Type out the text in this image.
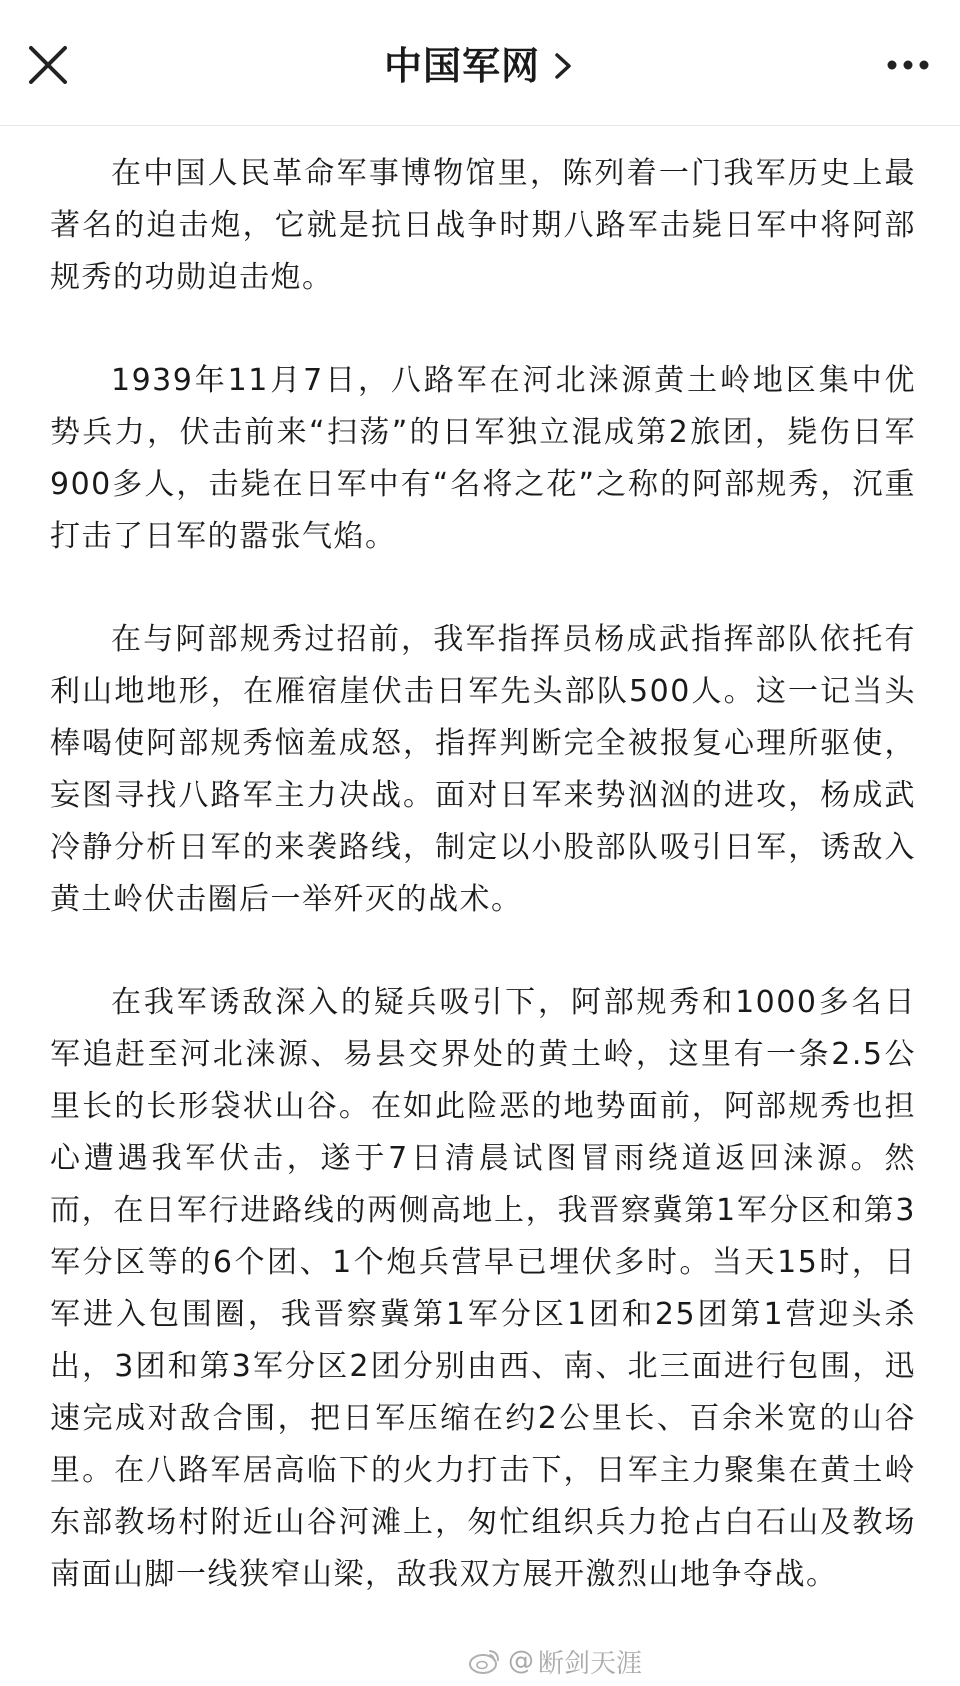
中国军网

在中国人民革命军事博物馆里，陈列着一门我军历史上最著名的迫击炮，它就是抗日战争时期八路军击毙日军中将阿部规秀的功勋迫击炮。

1939年11月7日，八路军在河北涞源黄土岭地区集中优势兵力，伏击前来“扫荡”的日军独立混成第2旅团，毙伤日军900多人，击毙在日军中有“名将之花”之称的阿部规秀，沉重打击了日军的嚣张气焰。

在与阿部规秀过招前，我军指挥员杨成武指挥部队依托有利山地地形，在雁宿崖伏击日军先头部队500人。这一记当头棒喝使阿部规秀恼羞成怒，指挥判断完全被报复心理所驱使，妄图寻找八路军主力决战。面对日军来势汹汹的进攻，杨成武冷静分析日军的来袭路线，制定以小股部队吸引日军，诱敌入黄土岭伏击圈后一举歼灭的战术。

在我军诱敌深入的疑兵吸引下，阿部规秀和1000多名日军追赶至河北涞源、易县交界处的黄土岭，这里有一条2.5公里长的长形袋状山谷。在如此险恶的地势面前，阿部规秀也担心遭遇我军伏击，遂于7日清晨试图冒雨绕道返回涞源。然而，在日军行进路线的两侧高地上，我晋察冀第1军分区和第3军分区等的6个团、1个炮兵营早已埋伏多时。当天15时，日军进入包围圈，我晋察冀第1军分区1团和25团第1营迎头杀出，3团和第3军分区2团分别由西、南、北三面进行包围，迅速完成对敌合围，把日军压缩在约2公里长、百余米宽的山谷里。在八路军居高临下的火力打击下，日军主力聚集在黄土岭东部教场村附近山谷河滩上，匆忙组织兵力抢占白石山及教场南面山脚一线狭窄山梁，敌我双方展开激烈山地争夺战。

@ 断剑天涯
